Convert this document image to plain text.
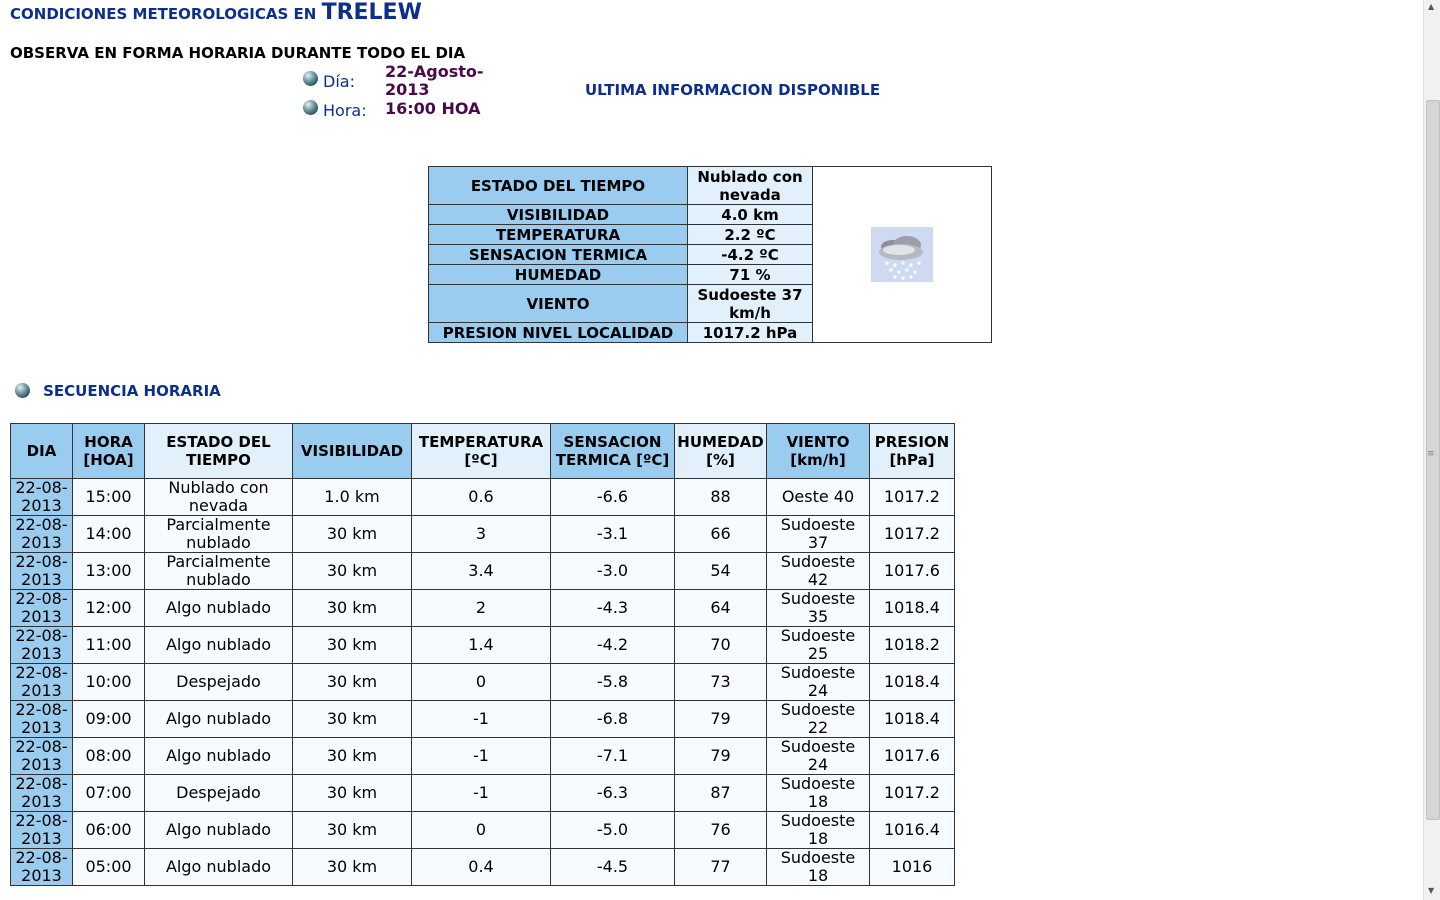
CONDICIONES METEOROLOGICAS EN TRELEW
OBSERVA EN FORMA HORARIA DURANTE TODO EL DIA
Día:
22-Agosto-2013
Hora: 16:00 HOA
ULTIMA INFORMACION DISPONIBLE
ESTADO DEL TIEMPO	Nublado con nevada	

VISIBILIDAD	4.0 km	
TEMPERATURA	2.2 ºC	
SENSACION TERMICA	-4.2 ºC	
HUMEDAD	71 %	
VIENTO	Sudoeste 37 km/h	
PRESION NIVEL LOCALIDAD	1017.2 hPa	
SECUENCIA HORARIA
DIA	HORA [HOA]	ESTADO DEL TIEMPO	VISIBILIDAD	TEMPERATURA [ºC]	SENSACION TERMICA [ºC]	HUMEDAD [%]	VIENTO [km/h]	PRESION [hPa]
22-08-2013	15:00	Nublado con nevada	1.0 km	0.6	-6.6	88	Oeste 40	1017.2
22-08-2013	14:00	Parcialmente nublado	30 km	3	-3.1	66	Sudoeste 37	1017.2
22-08-2013	13:00	Parcialmente nublado	30 km	3.4	-3.0	54	Sudoeste 42	1017.6
22-08-2013	12:00	Algo nublado	30 km	2	-4.3	64	Sudoeste 35	1018.4
22-08-2013	11:00	Algo nublado	30 km	1.4	-4.2	70	Sudoeste 25	1018.2
22-08-2013	10:00	Despejado	30 km	0	-5.8	73	Sudoeste 24	1018.4
22-08-2013	09:00	Algo nublado	30 km	-1	-6.8	79	Sudoeste 22	1018.4
22-08-2013	08:00	Algo nublado	30 km	-1	-7.1	79	Sudoeste 24	1017.6
22-08-2013	07:00	Despejado	30 km	-1	-6.3	87	Sudoeste 18	1017.2
22-08-2013	06:00	Algo nublado	30 km	0	-5.0	76	Sudoeste 18	1016.4
22-08-2013	05:00	Algo nublado	30 km	0.4	-4.5	77	Sudoeste 18	1016
▲
≡
▼
